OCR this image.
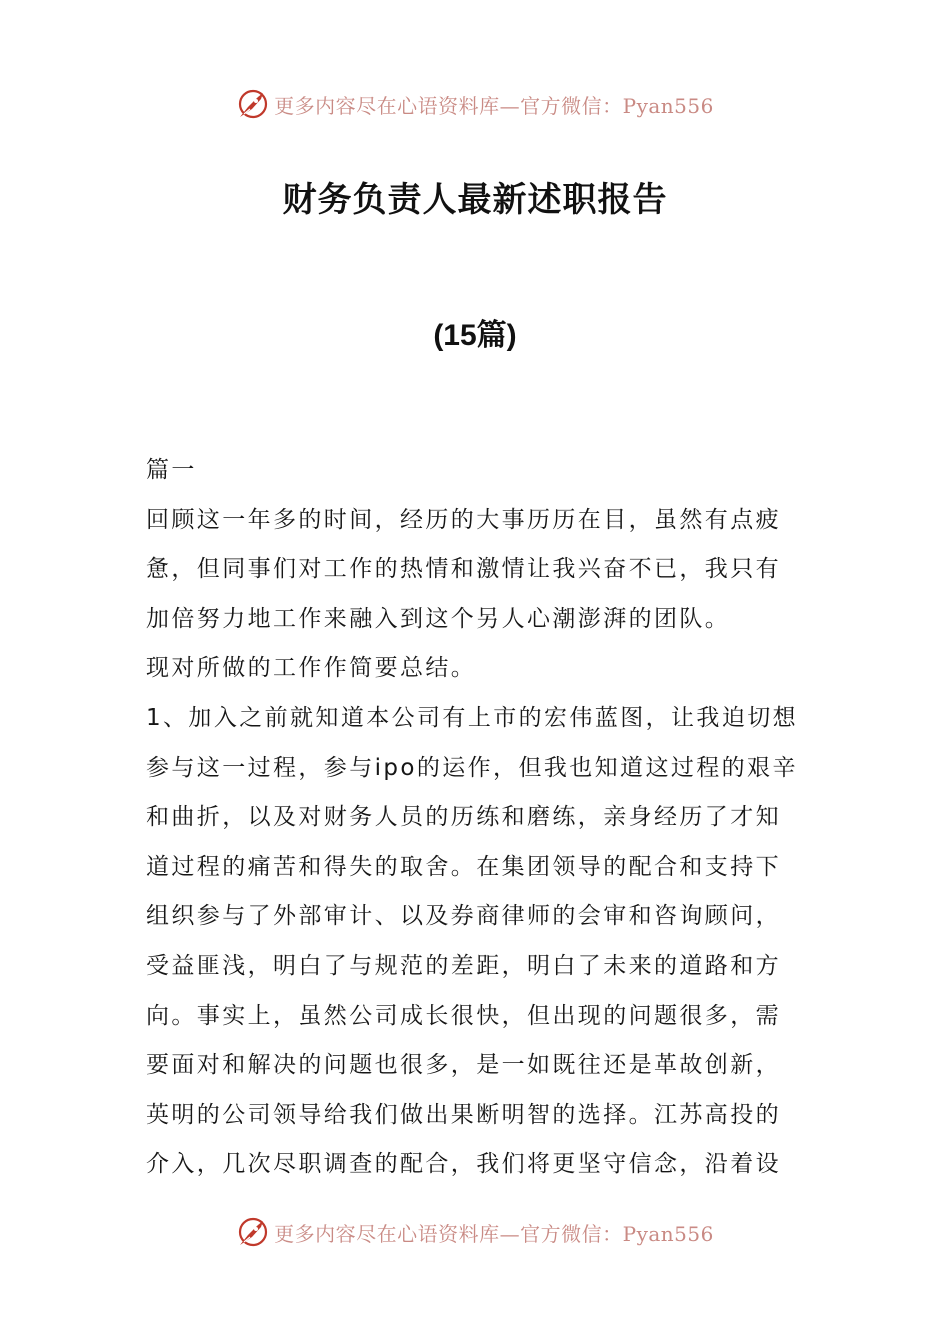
更多内容尽在心语资料库—官方微信：Pyan556
财务负责人最新述职报告
(15篇)
篇一
回顾这一年多的时间，经历的大事历历在目，虽然有点疲
惫，但同事们对工作的热情和激情让我兴奋不已，我只有
加倍努力地工作来融入到这个另人心潮澎湃的团队。
现对所做的工作作简要总结。
1、加入之前就知道本公司有上市的宏伟蓝图，让我迫切想
参与这一过程，参与ipo的运作，但我也知道这过程的艰辛
和曲折，以及对财务人员的历练和磨练，亲身经历了才知
道过程的痛苦和得失的取舍。在集团领导的配合和支持下
组织参与了外部审计、以及券商律师的会审和咨询顾问，
受益匪浅，明白了与规范的差距，明白了未来的道路和方
向。事实上，虽然公司成长很快，但出现的问题很多，需
要面对和解决的问题也很多，是一如既往还是革故创新，
英明的公司领导给我们做出果断明智的选择。江苏高投的
介入，几次尽职调查的配合，我们将更坚守信念，沿着设
更多内容尽在心语资料库—官方微信：Pyan556
